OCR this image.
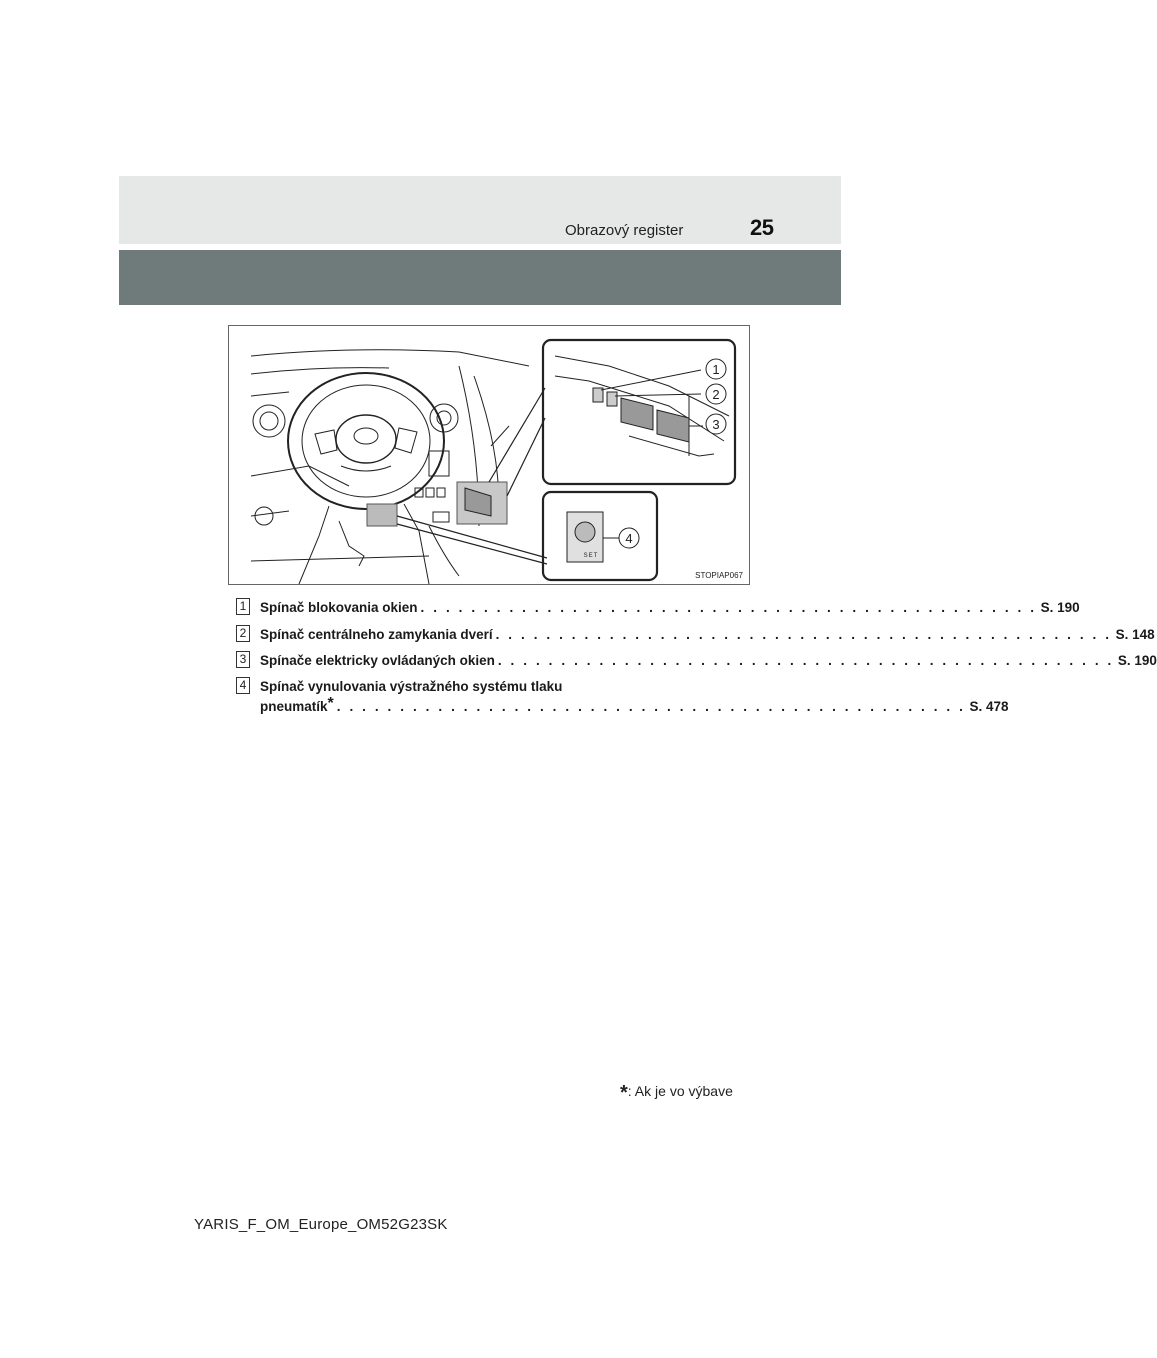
Obrazový register	25
1
2
3
4
SET
STOPIAP067
1 Spínač blokovania okien . . . . . . . . . . . . . . . . . . . . . . . . . . . . . . . . . . . . . . . . . . . . . . . . . S. 190
2 Spínač centrálneho zamykania dverí . . . . . . . . . . . . . . . . . . . . . . . . . . . . . . . . . . . . . . . . . . . . . . . . . S. 148
3 Spínače elektricky ovládaných okien . . . . . . . . . . . . . . . . . . . . . . . . . . . . . . . . . . . . . . . . . . . . . . . . . S. 190
4 Spínač vynulovania výstražného systému tlaku
pneumatík* . . . . . . . . . . . . . . . . . . . . . . . . . . . . . . . . . . . . . . . . . . . . . . . . . . S. 478
*: Ak je vo výbave
YARIS_F_OM_Europe_OM52G23SK
